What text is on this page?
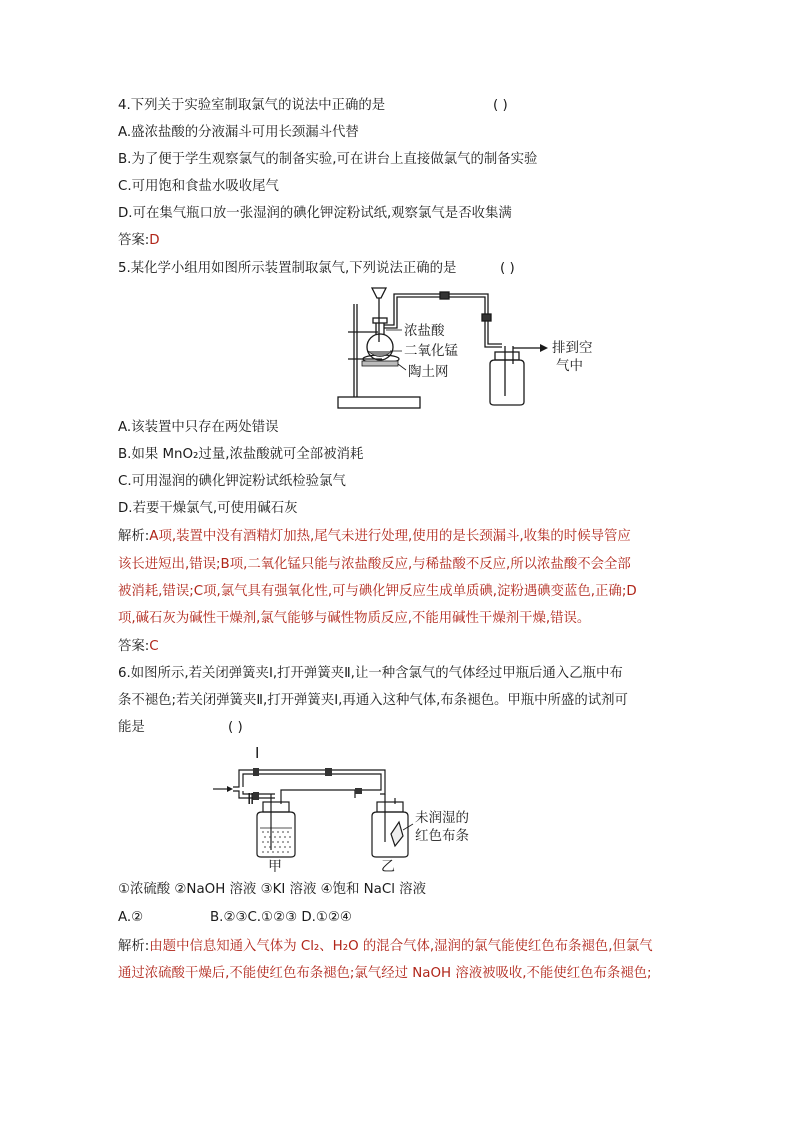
4.下列关于实验室制取氯气的说法中正确的是	( )
A.盛浓盐酸的分液漏斗可用长颈漏斗代替
B.为了便于学生观察氯气的制备实验,可在讲台上直接做氯气的制备实验
C.可用饱和食盐水吸收尾气
D.可在集气瓶口放一张湿润的碘化钾淀粉试纸,观察氯气是否收集满
答案:D
5.某化学小组用如图所示装置制取氯气,下列说法正确的是	( )
浓盐酸
二氧化锰
陶土网
排到空
气中
A.该装置中只存在两处错误
B.如果 MnO₂过量,浓盐酸就可全部被消耗
C.可用湿润的碘化钾淀粉试纸检验氯气
D.若要干燥氯气,可使用碱石灰
解析:A项,装置中没有酒精灯加热,尾气未进行处理,使用的是长颈漏斗,收集的时候导管应
该长进短出,错误;B项,二氧化锰只能与浓盐酸反应,与稀盐酸不反应,所以浓盐酸不会全部
被消耗,错误;C项,氯气具有强氧化性,可与碘化钾反应生成单质碘,淀粉遇碘变蓝色,正确;D
项,碱石灰为碱性干燥剂,氯气能够与碱性物质反应,不能用碱性干燥剂干燥,错误。
答案:C
6.如图所示,若关闭弹簧夹Ⅰ,打开弹簧夹Ⅱ,让一种含氯气的气体经过甲瓶后通入乙瓶中布
条不褪色;若关闭弹簧夹Ⅱ,打开弹簧夹Ⅰ,再通入这种气体,布条褪色。甲瓶中所盛的试剂可
能是	( )
Ⅰ
Ⅱ
甲	乙
未润湿的
红色布条
①浓硫酸 ②NaOH 溶液 ③KI 溶液 ④饱和 NaCl 溶液
A.②	B.②③C.①②③ D.①②④
解析:由题中信息知通入气体为 Cl₂、H₂O 的混合气体,湿润的氯气能使红色布条褪色,但氯气
通过浓硫酸干燥后,不能使红色布条褪色;氯气经过 NaOH 溶液被吸收,不能使红色布条褪色;
